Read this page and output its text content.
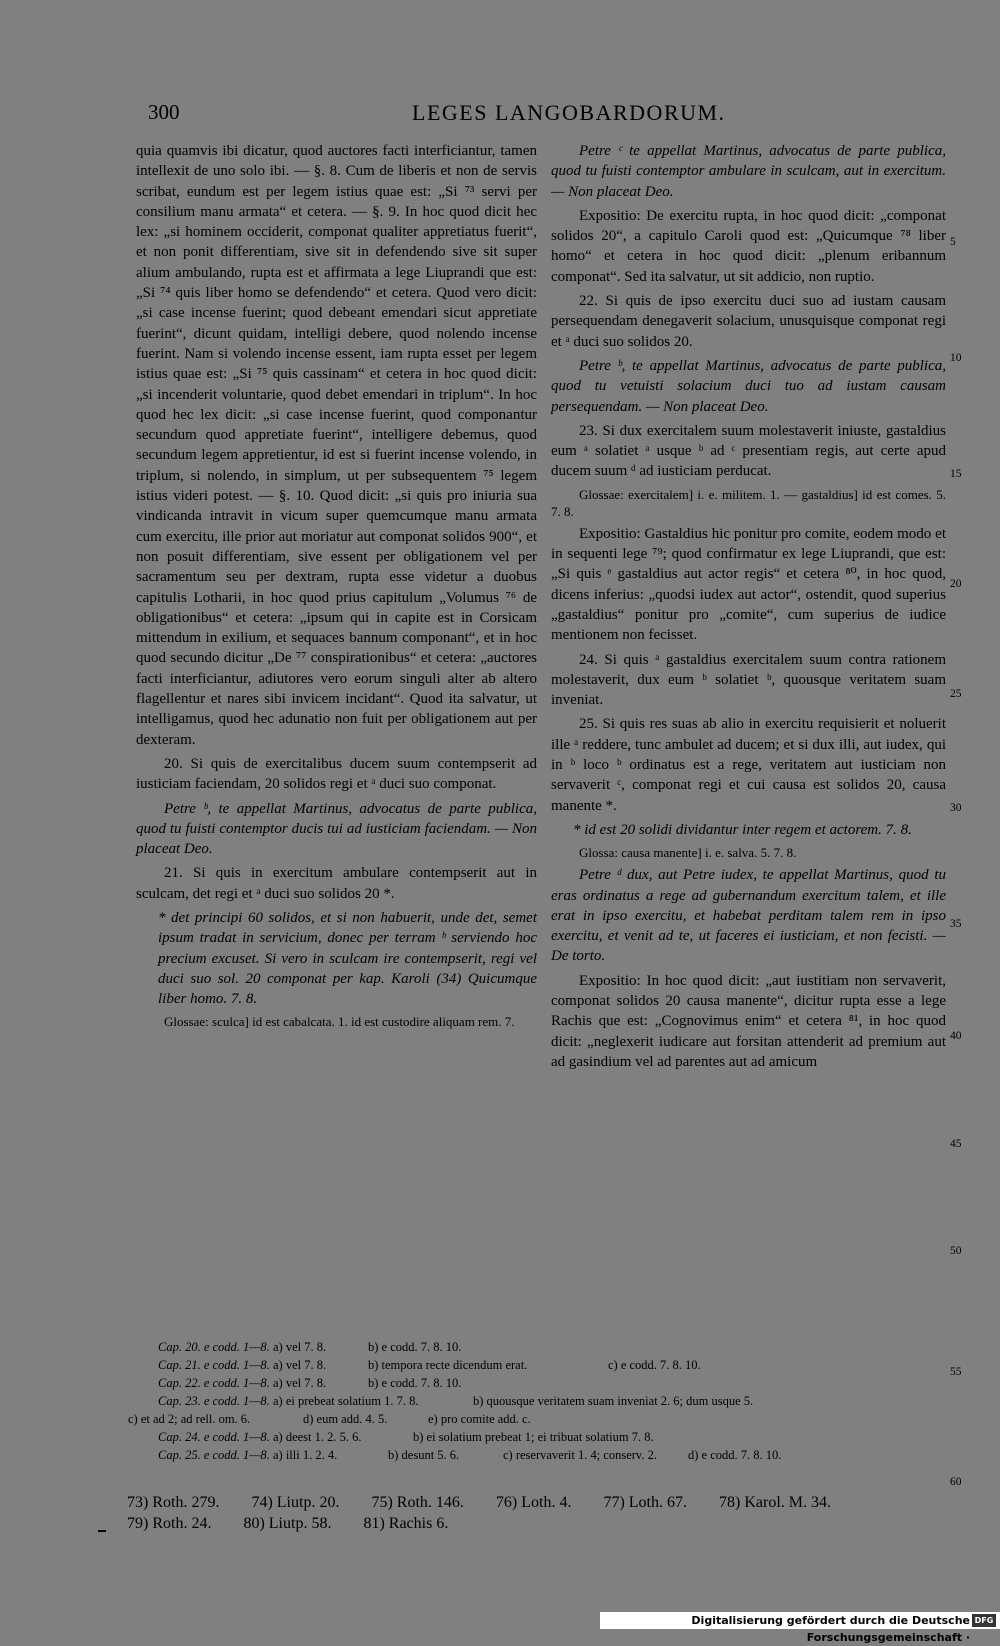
300	LEGES LANGOBARDORUM.

quia quamvis ibi dicatur, quod auctores facti interficiantur, tamen intellexit de uno solo ibi. — §. 8. Cum de liberis et non de servis scribat, eundum est per legem istius quae est: „Si ⁷³ servi per consilium manu armata“ et cetera. — §. 9. In hoc quod dicit hec lex: „si hominem occiderit, componat qualiter appretiatus fuerit“, et non ponit differentiam, sive sit in defendendo sive sit super alium ambulando, rupta est et affirmata a lege Liuprandi que est: „Si ⁷⁴ quis liber homo se defendendo“ et cetera. Quod vero dicit: „si case incense fuerint; quod debeant emendari sicut appretiate fuerint“, dicunt quidam, intelligi debere, quod nolendo incense fuerint. Nam si volendo incense essent, iam rupta esset per legem istius quae est: „Si ⁷⁵ quis cassinam“ et cetera in hoc quod dicit: „si incenderit voluntarie, quod debet emendari in triplum“. In hoc quod hec lex dicit: „si case incense fuerint, quod componantur secundum quod appretiate fuerint“, intelligere debemus, quod secundum legem appretientur, id est si fuerint incense volendo, in triplum, si nolendo, in simplum, ut per subsequentem ⁷⁵ legem istius videri potest. — §. 10. Quod dicit: „si quis pro iniuria sua vindicanda intravit in vicum super quemcumque manu armata cum exercitu, ille prior aut moriatur aut componat solidos 900“, et non posuit differentiam, sive essent per obligationem vel per sacramentum seu per dextram, rupta esse videtur a duobus capitulis Lotharii, in hoc quod prius capitulum „Volumus ⁷⁶ de obligationibus“ et cetera: „ipsum qui in capite est in Corsicam mittendum in exilium, et sequaces bannum componant“, et in hoc quod secundo dicitur „De ⁷⁷ conspirationibus“ et cetera: „auctores facti interficiantur, adiutores vero eorum singuli alter ab altero flagellentur et nares sibi invicem incidant“. Quod ita salvatur, ut intelligamus, quod hec adunatio non fuit per obligationem aut per dexteram.

20. Si quis de exercitalibus ducem suum contempserit ad iusticiam faciendam, 20 solidos regi et ᵃ duci suo componat.

Petre ᵇ, te appellat Martinus, advocatus de parte publica, quod tu fuisti contemptor ducis tui ad iusticiam faciendam. — Non placeat Deo.

21. Si quis in exercitum ambulare contempserit aut in sculcam, det regi et ᵃ duci suo solidos 20 *.

* det principi 60 solidos, et si non habuerit, unde det, semet ipsum tradat in servicium, donec per terram ᵇ serviendo hoc precium excuset. Si vero in sculcam ire contempserit, regi vel duci suo sol. 20 componat per kap. Karoli (34) Quicumque liber homo. 7. 8.

Glossae: sculca] id est cabalcata. 1. id est custodire aliquam rem. 7.

Petre ᶜ te appellat Martinus, advocatus de parte publica, quod tu fuisti contemptor ambulare in sculcam, aut in exercitum. — Non placeat Deo.

Expositio: De exercitu rupta, in hoc quod dicit: „componat solidos 20“, a capitulo Caroli quod est: „Quicumque ⁷⁸ liber homo“ et cetera in hoc quod dicit: „plenum eribannum componat“. Sed ita salvatur, ut sit addicio, non ruptio.

22. Si quis de ipso exercitu duci suo ad iustam causam persequendam denegaverit solacium, unusquisque componat regi et ᵃ duci suo solidos 20.

Petre ᵇ, te appellat Martinus, advocatus de parte publica, quod tu vetuisti solacium duci tuo ad iustam causam persequendam. — Non placeat Deo.

23. Si dux exercitalem suum molestaverit iniuste, gastaldius eum ᵃ solatiet ᵃ usque ᵇ ad ᶜ presentiam regis, aut certe apud ducem suum ᵈ ad iusticiam perducat.

Glossae: exercitalem] i. e. militem. 1. — gastaldius] id est comes. 5. 7. 8.

Expositio: Gastaldius hic ponitur pro comite, eodem modo et in sequenti lege ⁷⁹; quod confirmatur ex lege Liuprandi, que est: „Si quis ᵉ gastaldius aut actor regis“ et cetera ⁸⁰, in hoc quod, dicens inferius: „quodsi iudex aut actor“, ostendit, quod superius „gastaldius“ ponitur pro „comite“, cum superius de iudice mentionem non fecisset.

24. Si quis ᵃ gastaldius exercitalem suum contra rationem molestaverit, dux eum ᵇ solatiet ᵇ, quousque veritatem suam inveniat.

25. Si quis res suas ab alio in exercitu requisierit et noluerit ille ᵃ reddere, tunc ambulet ad ducem; et si dux illi, aut iudex, qui in ᵇ loco ᵇ ordinatus est a rege, veritatem aut iusticiam non servaverit ᶜ, componat regi et cui causa est solidos 20, causa manente *.

* id est 20 solidi dividantur inter regem et actorem. 7. 8.

Glossa: causa manente] i. e. salva. 5. 7. 8.

Petre ᵈ dux, aut Petre iudex, te appellat Martinus, quod tu eras ordinatus a rege ad gubernandum exercitum talem, et ille erat in ipso exercitu, et habebat perditam talem rem in ipso exercitu, et venit ad te, ut faceres ei iusticiam, et non fecisti. — De torto.

Expositio: In hoc quod dicit: „aut iustitiam non servaverit, componat solidos 20 causa manente“, dicitur rupta esse a lege Rachis que est: „Cognovimus enim“ et cetera ⁸¹, in hoc quod dicit: „neglexerit iudicare aut forsitan attenderit ad premium aut ad gasindium vel ad parentes aut ad amicum

5
10
15
20
25
30
35
40
45
50
55
60
Cap. 20. e codd. 1—8. a) vel 7. 8.	b) e codd. 7. 8. 10.
Cap. 21. e codd. 1—8. a) vel 7. 8.	b) tempora recte dicendum erat.	c) e codd. 7. 8. 10.
Cap. 22. e codd. 1—8. a) vel 7. 8.	b) e codd. 7. 8. 10.
Cap. 23. e codd. 1—8. a) ei prebeat solatium 1. 7. 8.	b) quousque veritatem suam inveniat 2. 6; dum usque 5.
c) et ad 2; ad rell. om. 6.	d) eum add. 4. 5.	e) pro comite add. c.
Cap. 24. e codd. 1—8. a) deest 1. 2. 5. 6.	b) ei solatium prebeat 1; ei tribuat solatium 7. 8.
Cap. 25. e codd. 1—8. a) illi 1. 2. 4.	b) desunt 5. 6.	c) reservaverit 1. 4; conserv. 2. d) e codd. 7. 8. 10.
73) Roth. 279. 74) Liutp. 20. 75) Roth. 146. 76) Loth. 4. 77) Loth. 67. 78) Karol. M. 34.
79) Roth. 24. 80) Liutp. 58. 81) Rachis 6.
Digitalisierung gefördert durch die Deutsche Forschungsgemeinschaft ·
DFG
